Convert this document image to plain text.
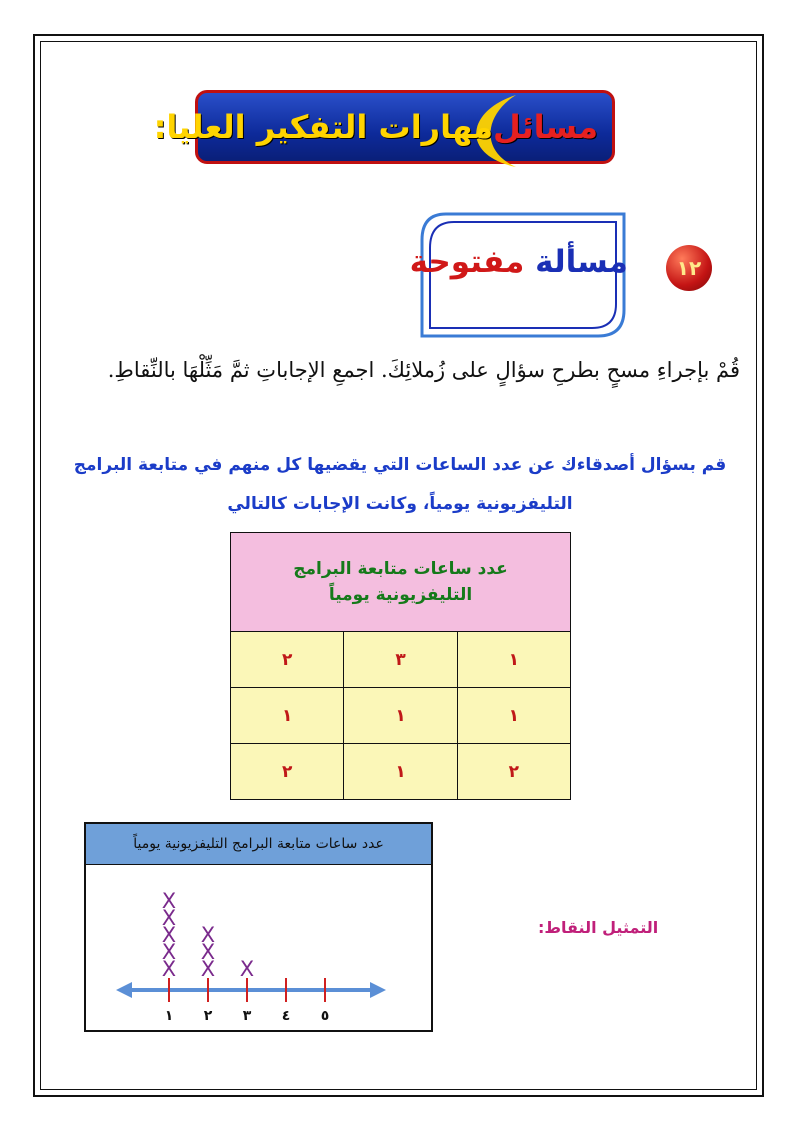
مسائل
مهارات التفكير العليا:
١٢
مسألة مفتوحة
قُمْ بإجراءِ مسحٍ بطرحِ سؤالٍ على زُملائِكَ. اجمعِ الإجاباتِ ثمَّ مَثِّلْهَا بالنِّقاطِ.
قم بسؤال أصدقاءك عن عدد الساعات التي يقضيها كل منهم في متابعة البرامج
التليفزيونية يومياً، وكانت الإجابات كالتالي
عدد ساعات متابعة البرامج التليفزيونية يومياً		
١	٣	٢
١	١	١
٢	١	٢
عدد ساعات متابعة البرامج التليفزيونية يومياً
١
X
X
X
X
X
٢
X
X
X
٣
X
٤	٥
التمثيل النقاط:
